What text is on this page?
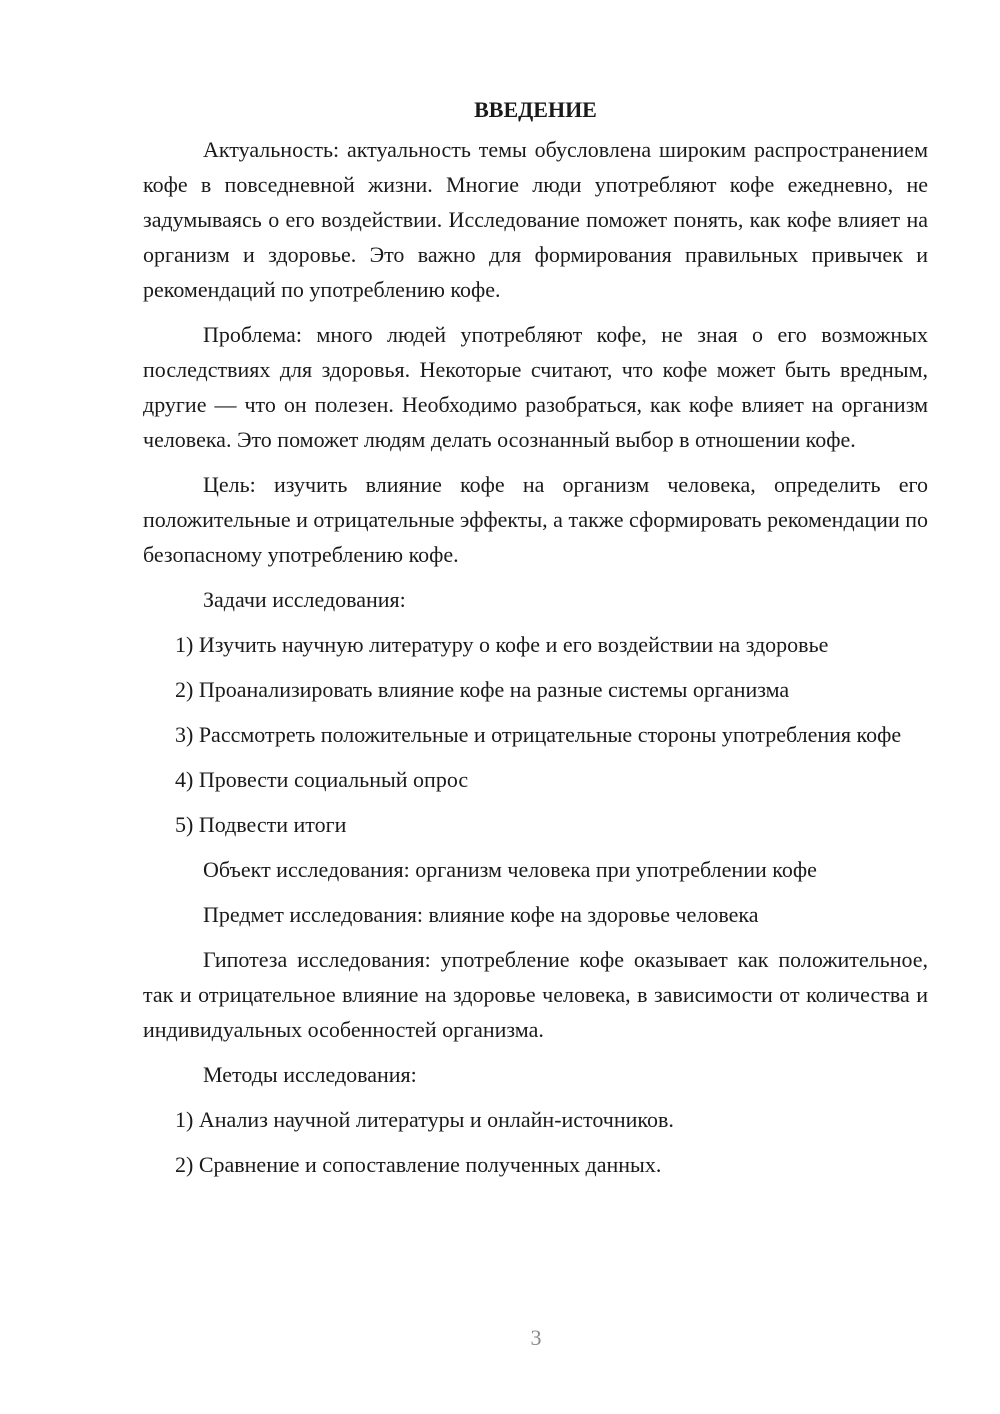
ВВЕДЕНИЕ

Актуальность: актуальность темы обусловлена широким распространением кофе в повседневной жизни. Многие люди употребляют кофе ежедневно, не задумываясь о его воздействии. Исследование поможет понять, как кофе влияет на организм и здоровье. Это важно для формирования правильных привычек и рекомендаций по употреблению кофе.

Проблема: много людей употребляют кофе, не зная о его возможных последствиях для здоровья. Некоторые считают, что кофе может быть вредным, другие — что он полезен. Необходимо разобраться, как кофе влияет на организм человека. Это поможет людям делать осознанный выбор в отношении кофе.

Цель: изучить влияние кофе на организм человека, определить его положительные и отрицательные эффекты, а также сформировать рекомендации по безопасному употреблению кофе.

Задачи исследования:

1) Изучить научную литературу о кофе и его воздействии на здоровье

2) Проанализировать влияние кофе на разные системы организма

3) Рассмотреть положительные и отрицательные стороны употребления кофе

4) Провести социальный опрос

5) Подвести итоги

Объект исследования: организм человека при употреблении кофе

Предмет исследования: влияние кофе на здоровье человека

Гипотеза исследования: употребление кофе оказывает как положительное, так и отрицательное влияние на здоровье человека, в зависимости от количества и индивидуальных особенностей организма.

Методы исследования:

1) Анализ научной литературы и онлайн-источников.

2) Сравнение и сопоставление полученных данных.

3
